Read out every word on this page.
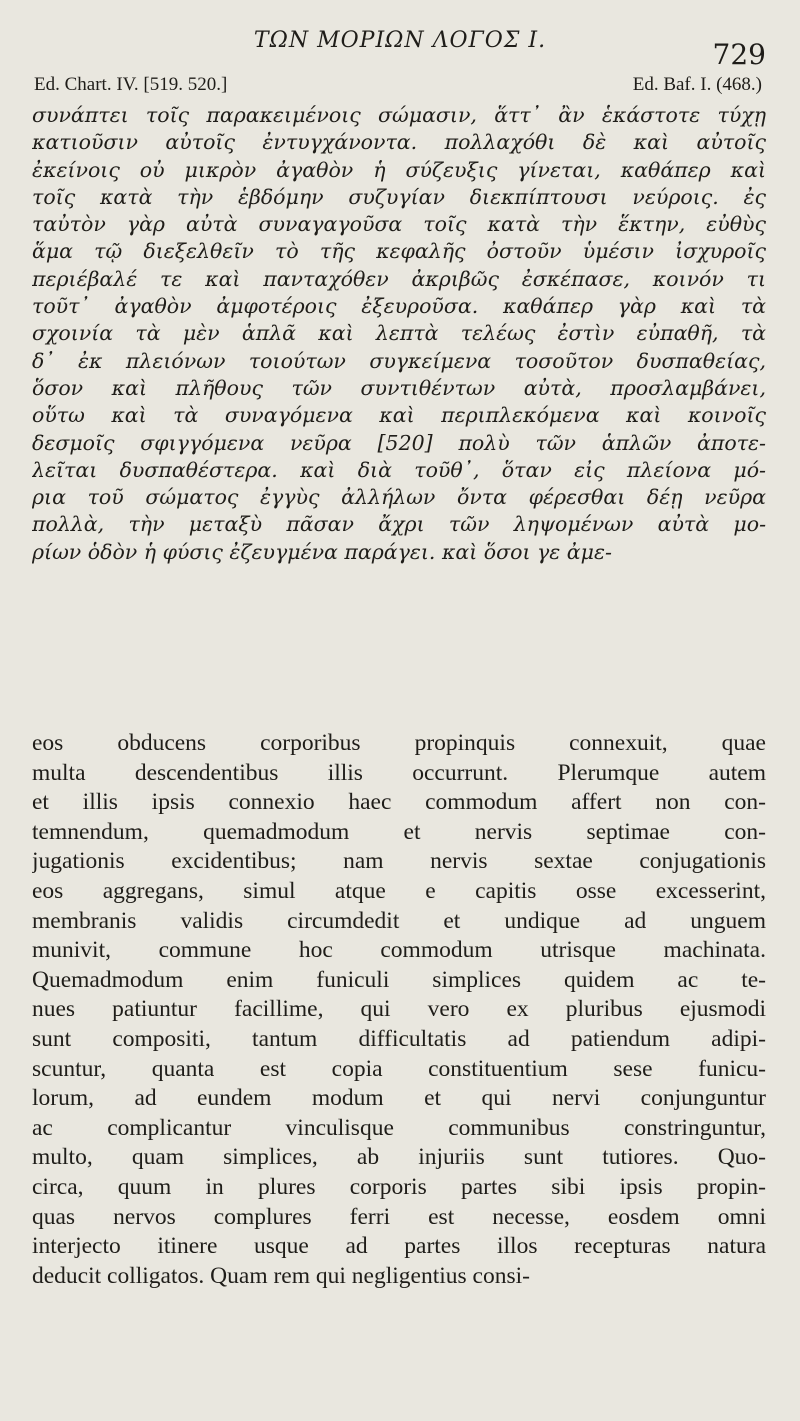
ΤΩΝ ΜΟΡΙΩΝ ΛΟΓΟΣ Ι.	729
Ed. Chart. IV. [519. 520.]	Ed. Baf. I. (468.)
συνάπτει τοῖς παρακειμένοις σώμασιν, ἅττ᾽ ἂν ἑκάστοτε τύχῃ
κατιοῦσιν αὐτοῖς ἐντυγχάνοντα. πολλαχόθι δὲ καὶ αὐτοῖς
ἐκείνοις οὐ μικρὸν ἀγαθὸν ἡ σύζευξις γίνεται, καθάπερ καὶ
τοῖς κατὰ τὴν ἑβδόμην συζυγίαν διεκπίπτουσι νεύροις. ἐς
ταὐτὸν γὰρ αὐτὰ συναγαγοῦσα τοῖς κατὰ τὴν ἕκτην, εὐθὺς
ἅμα τῷ διεξελθεῖν τὸ τῆς κεφαλῆς ὀστοῦν ὑμέσιν ἰσχυροῖς
περιέβαλέ τε καὶ πανταχόθεν ἀκριβῶς ἐσκέπασε, κοινόν τι
τοῦτ᾽ ἀγαθὸν ἀμφοτέροις ἐξευροῦσα. καθάπερ γὰρ καὶ τὰ
σχοινία τὰ μὲν ἁπλᾶ καὶ λεπτὰ τελέως ἐστὶν εὐπαθῆ, τὰ
δ᾽ ἐκ πλειόνων τοιούτων συγκείμενα τοσοῦτον δυσπαθείας,
ὅσον καὶ πλῆθους τῶν συντιθέντων αὐτὰ, προσλαμβάνει,
οὕτω καὶ τὰ συναγόμενα καὶ περιπλεκόμενα καὶ κοινοῖς
δεσμοῖς σφιγγόμενα νεῦρα [520] πολὺ τῶν ἁπλῶν ἀποτε-
λεῖται δυσπαθέστερα. καὶ διὰ τοῦθ᾽, ὅταν εἰς πλείονα μό-
ρια τοῦ σώματος ἐγγὺς ἀλλήλων ὄντα φέρεσθαι δέῃ νεῦρα
πολλὰ, τὴν μεταξὺ πᾶσαν ἄχρι τῶν ληψομένων αὐτὰ μο-
ρίων ὁδὸν ἡ φύσις ἐζευγμένα παράγει. καὶ ὅσοι γε ἀμε-
eos obducens corporibus propinquis connexuit, quae
multa descendentibus illis occurrunt. Plerumque autem
et illis ipsis connexio haec commodum affert non con-
temnendum, quemadmodum et nervis septimae con-
jugationis excidentibus; nam nervis sextae conjugationis
eos aggregans, simul atque e capitis osse excesserint,
membranis validis circumdedit et undique ad unguem
munivit, commune hoc commodum utrisque machinata.
Quemadmodum enim funiculi simplices quidem ac te-
nues patiuntur facillime, qui vero ex pluribus ejusmodi
sunt compositi, tantum difficultatis ad patiendum adipi-
scuntur, quanta est copia constituentium sese funicu-
lorum, ad eundem modum et qui nervi conjunguntur
ac complicantur vinculisque communibus constringuntur,
multo, quam simplices, ab injuriis sunt tutiores. Quo-
circa, quum in plures corporis partes sibi ipsis propin-
quas nervos complures ferri est necesse, eosdem omni
interjecto itinere usque ad partes illos recepturas natura
deducit colligatos. Quam rem qui negligentius consi-
